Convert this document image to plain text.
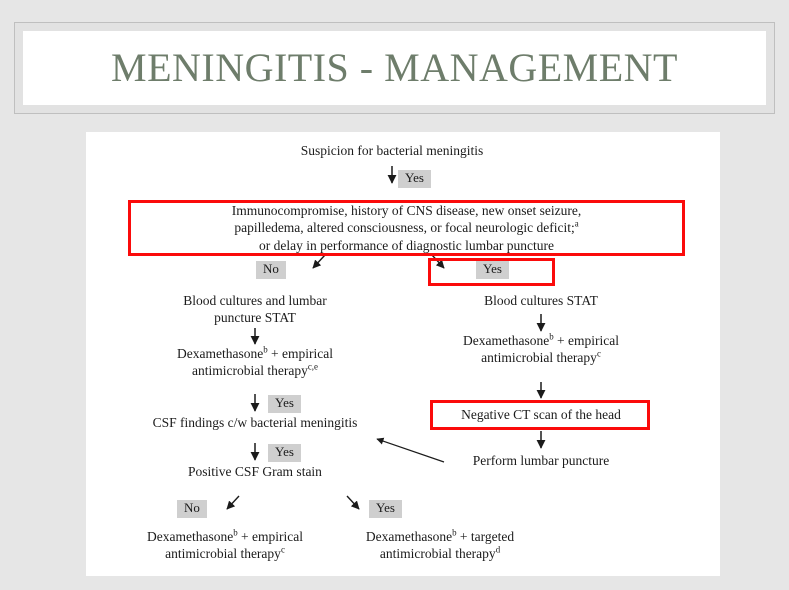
MENINGITIS - MANAGEMENT
Suspicion for bacterial meningitis
Yes
Immunocompromise, history of CNS disease, new onset seizure,
papilledema, altered consciousness, or focal neurologic deficit;$^a$
or delay in performance of diagnostic lumbar puncture
No	Yes
Blood cultures and lumbar
puncture STAT
Dexamethasone$^b$ + empirical
antimicrobial therapy$^{c,e}$
Yes
CSF findings c/w bacterial meningitis
Yes
Positive CSF Gram stain
No	Yes
Dexamethasone$^b$ + empirical
antimicrobial therapy$^c$
Dexamethasone$^b$ + targeted
antimicrobial therapy$^d$
Blood cultures STAT
Dexamethasone$^b$ + empirical
antimicrobial therapy$^c$
Negative CT scan of the head
Perform lumbar puncture
